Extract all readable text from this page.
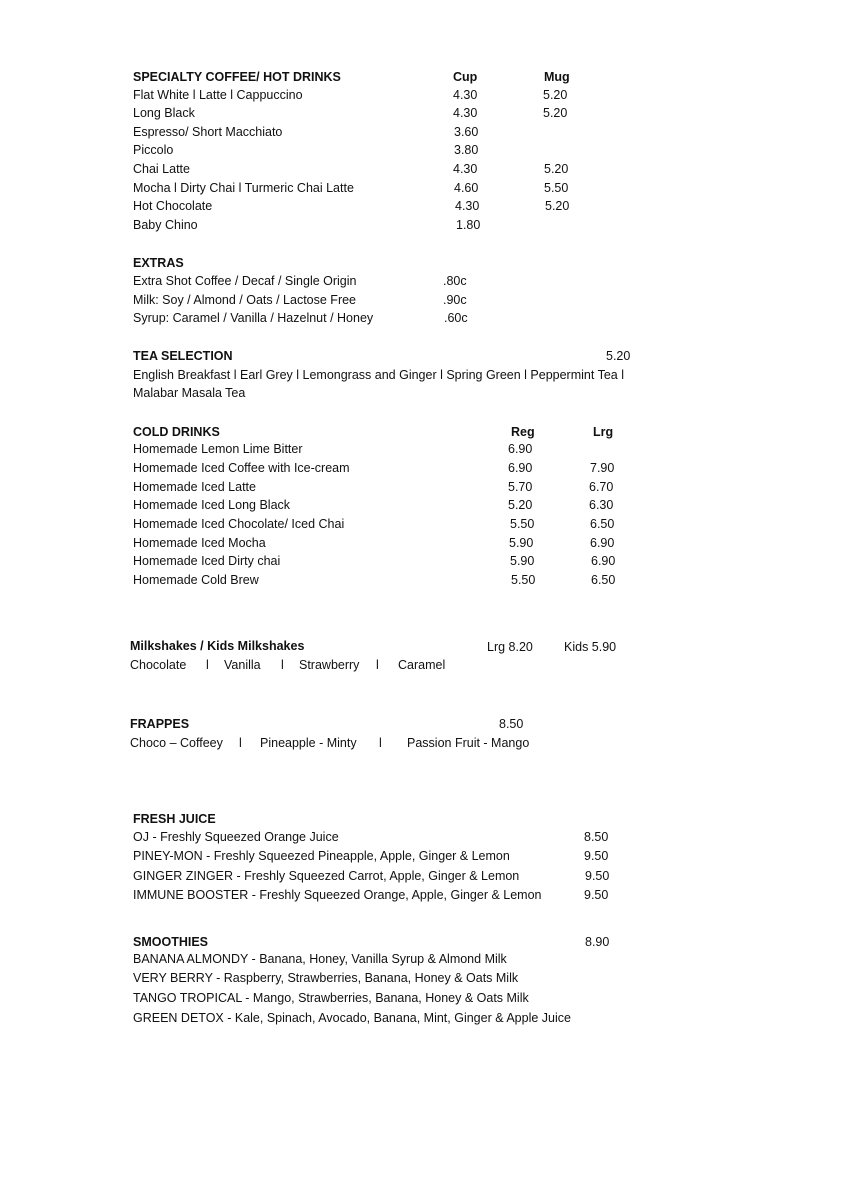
SPECIALTY COFFEE/ HOT DRINKS	Cup	Mug
Flat White l Latte l Cappuccino	4.30	5.20
Long Black	4.30	5.20
Espresso/ Short Macchiato	3.60
Piccolo	3.80
Chai Latte	4.30	5.20
Mocha l Dirty Chai l Turmeric Chai Latte	4.60	5.50
Hot Chocolate	4.30	5.20
Baby Chino	1.80
EXTRAS
Extra Shot Coffee / Decaf / Single Origin	.80c
Milk: Soy / Almond / Oats / Lactose Free	.90c
Syrup: Caramel / Vanilla / Hazelnut / Honey	.60c
TEA SELECTION	5.20
English Breakfast l Earl Grey l Lemongrass and Ginger l Spring Green l Peppermint Tea l
Malabar Masala Tea
COLD DRINKS	Reg	Lrg
Homemade Lemon Lime Bitter	6.90
Homemade Iced Coffee with Ice-cream	6.90	7.90
Homemade Iced Latte	5.70	6.70
Homemade Iced Long Black	5.20	6.30
Homemade Iced Chocolate/ Iced Chai	5.50	6.50
Homemade Iced Mocha	5.90	6.90
Homemade Iced Dirty chai	5.90	6.90
Homemade Cold Brew	5.50	6.50
Milkshakes / Kids Milkshakes	Lrg 8.20 Kids 5.90
Chocolate l Vanilla l Strawberry l Caramel
FRAPPES	8.50
Choco – Coffeey l Pineapple - Minty l Passion Fruit - Mango
FRESH JUICE
OJ - Freshly Squeezed Orange Juice	8.50
PINEY-MON - Freshly Squeezed Pineapple, Apple, Ginger & Lemon	9.50
GINGER ZINGER - Freshly Squeezed Carrot, Apple, Ginger & Lemon	9.50
IMMUNE BOOSTER - Freshly Squeezed Orange, Apple, Ginger & Lemon	9.50
SMOOTHIES	8.90
BANANA ALMONDY - Banana, Honey, Vanilla Syrup & Almond Milk
VERY BERRY - Raspberry, Strawberries, Banana, Honey & Oats Milk
TANGO TROPICAL - Mango, Strawberries, Banana, Honey & Oats Milk
GREEN DETOX - Kale, Spinach, Avocado, Banana, Mint, Ginger & Apple Juice
